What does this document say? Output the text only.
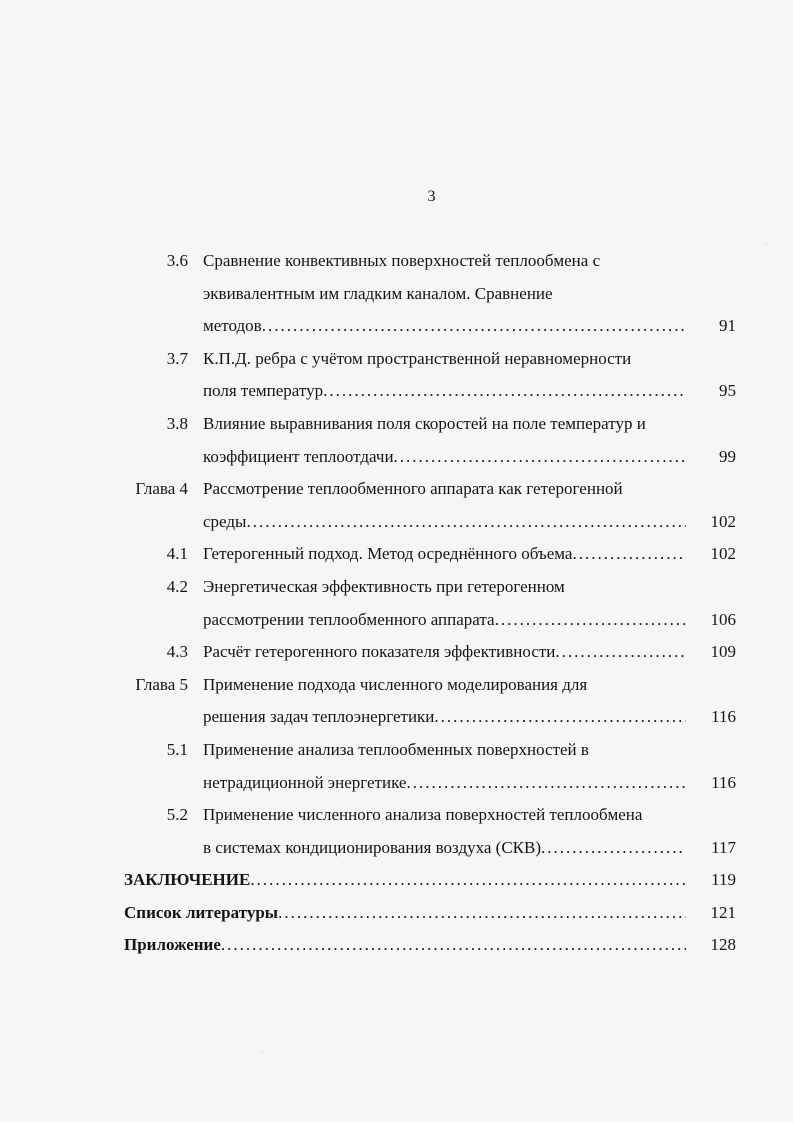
3
3.6 Сравнение конвективных поверхностей теплообмена с
эквивалентным им гладким каналом. Сравнение
методов .....	91
3.7 К.П.Д. ребра с учётом пространственной неравномерности
поля температур .....	95
3.8 Влияние выравнивания поля скоростей на поле температур и
коэффициент теплоотдачи .....	99
Глава 4 Рассмотрение теплообменного аппарата как гетерогенной
среды .....	102
4.1 Гетерогенный подход. Метод осреднённого объема .....	102
4.2 Энергетическая эффективность при гетерогенном
рассмотрении теплообменного аппарата .....	106
4.3 Расчёт гетерогенного показателя эффективности .....	109
Глава 5 Применение подхода численного моделирования для
решения задач теплоэнергетики .....	116
5.1 Применение анализа теплообменных поверхностей в
нетрадиционной энергетике .....	116
5.2 Применение численного анализа поверхностей теплообмена
в системах кондиционирования воздуха (СКВ) .....	117
ЗАКЛЮЧЕНИЕ .....	119
Список литературы .....	121
Приложение .....	128
